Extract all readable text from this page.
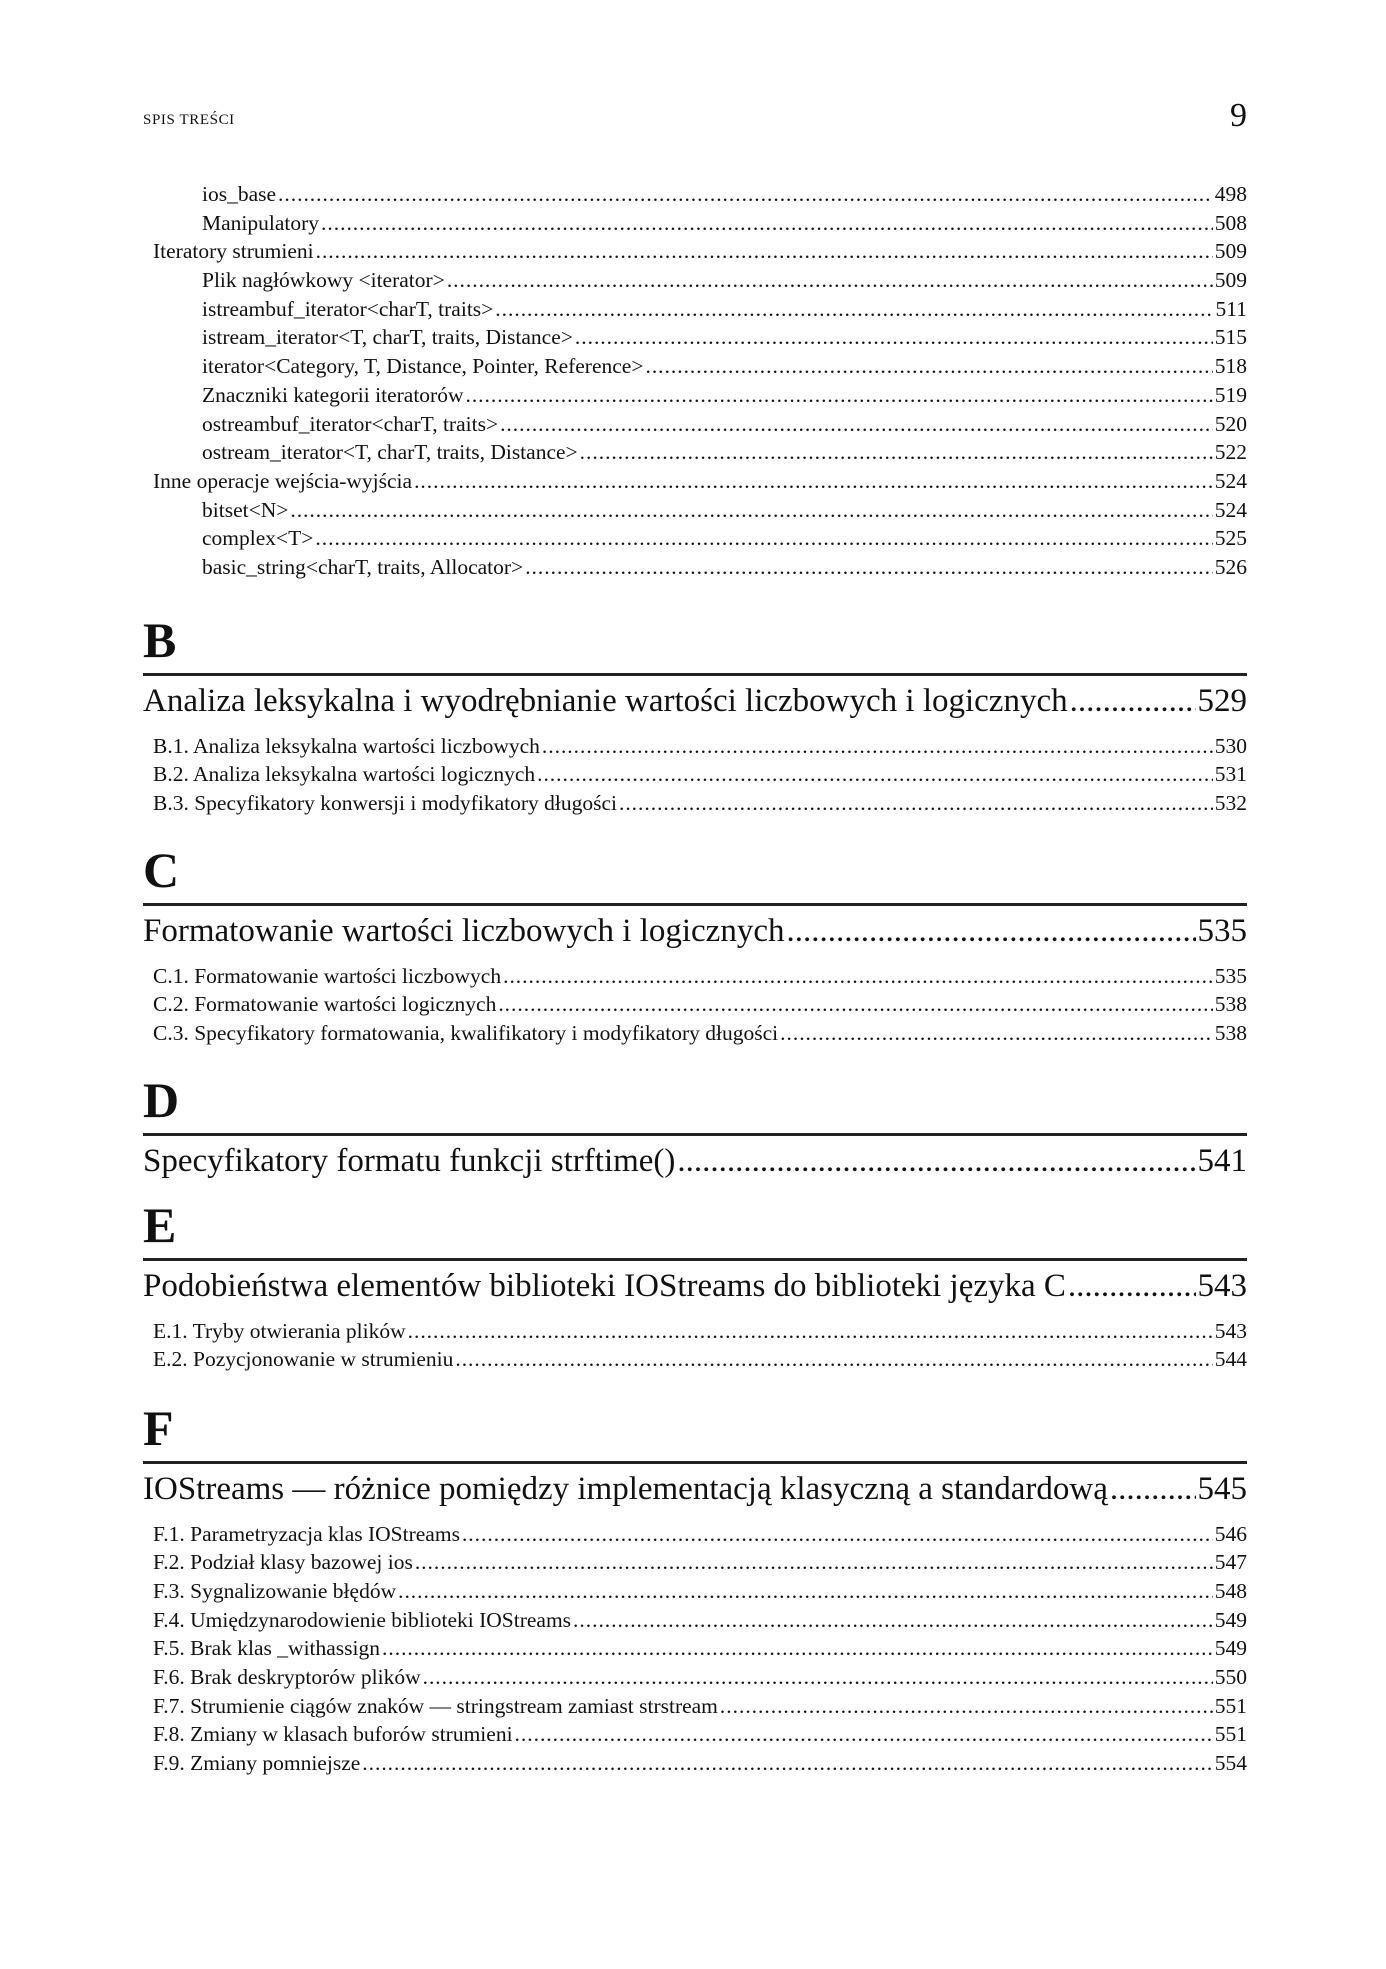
SPIS TREŚCI	9
ios_base . . .	498
Manipulatory . . .	508
Iteratory strumieni . . .	509
Plik nagłówkowy <iterator> . . .	509
istreambuf_iterator<charT, traits> . . .	511
istream_iterator<T, charT, traits, Distance> . . .	515
iterator<Category, T, Distance, Pointer, Reference> . . .	518
Znaczniki kategorii iteratorów . . .	519
ostreambuf_iterator<charT, traits> . . .	520
ostream_iterator<T, charT, traits, Distance> . . .	522
Inne operacje wejścia-wyjścia . . .	524
bitset<N> . . .	524
complex<T> . . .	525
basic_string<charT, traits, Allocator> . . .	526
B
Analiza leksykalna i wyodrębnianie wartości liczbowych i logicznych .....	529
B.1. Analiza leksykalna wartości liczbowych . . .	530
B.2. Analiza leksykalna wartości logicznych . . .	531
B.3. Specyfikatory konwersji i modyfikatory długości . . .	532
C
Formatowanie wartości liczbowych i logicznych .....	535
C.1. Formatowanie wartości liczbowych . . .	535
C.2. Formatowanie wartości logicznych . . .	538
C.3. Specyfikatory formatowania, kwalifikatory i modyfikatory długości . . .	538
D
Specyfikatory formatu funkcji strftime() .....	541
E
Podobieństwa elementów biblioteki IOStreams do biblioteki języka C .....	543
E.1. Tryby otwierania plików . . .	543
E.2. Pozycjonowanie w strumieniu . . .	544
F
IOStreams — różnice pomiędzy implementacją klasyczną a standardową .....	545
F.1. Parametryzacja klas IOStreams . . .	546
F.2. Podział klasy bazowej ios . . .	547
F.3. Sygnalizowanie błędów . . .	548
F.4. Umiędzynarodowienie biblioteki IOStreams . . .	549
F.5. Brak klas _withassign . . .	549
F.6. Brak deskryptorów plików . . .	550
F.7. Strumienie ciągów znaków — stringstream zamiast strstream . . .	551
F.8. Zmiany w klasach buforów strumieni . . .	551
F.9. Zmiany pomniejsze . . .	554
